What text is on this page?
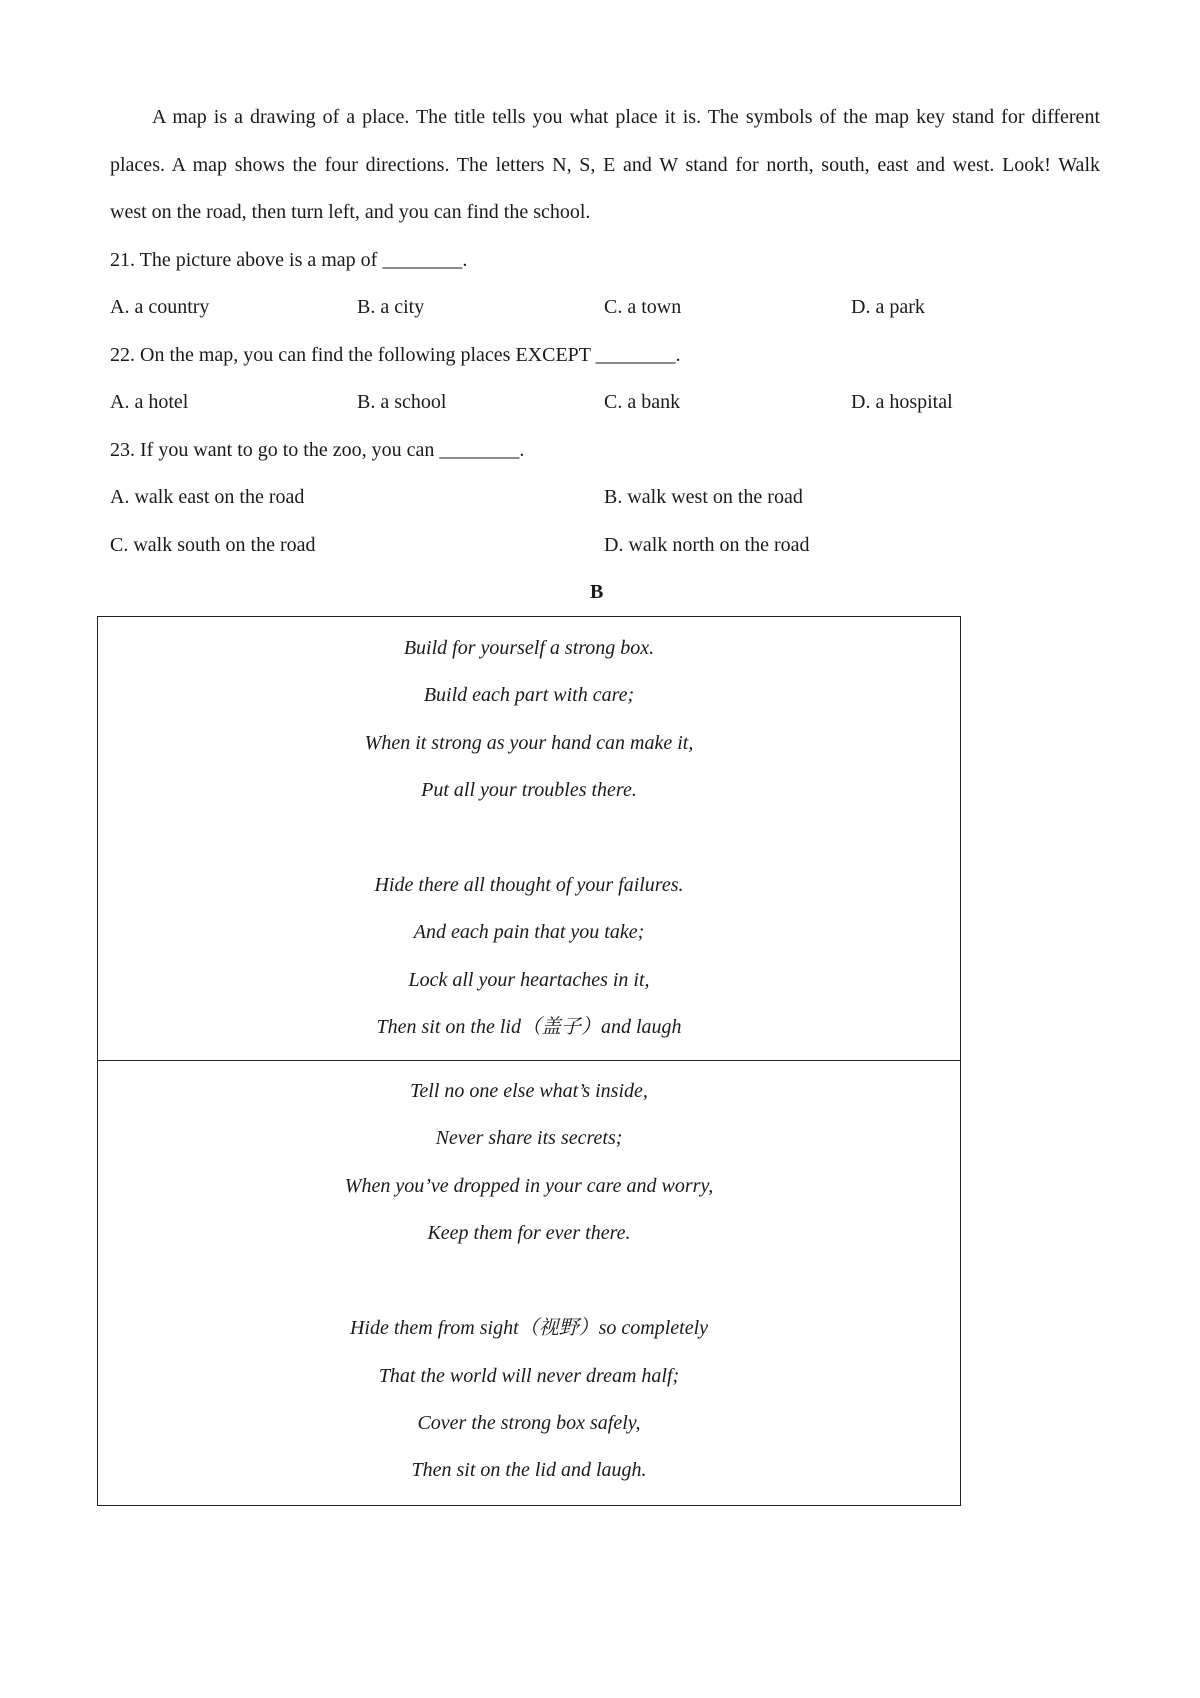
A map is a drawing of a place. The title tells you what place it is. The symbols of the map key stand for different
places. A map shows the four directions. The letters N, S, E and W stand for north, south, east and west. Look! Walk
west on the road, then turn left, and you can find the school.
21. The picture above is a map of ________.
A. a country	B. a city	C. a town	D. a park
22. On the map, you can find the following places EXCEPT ________.
A. a hotel	B. a school	C. a bank	D. a hospital
23. If you want to go to the zoo, you can ________.
A. walk east on the road	B. walk west on the road
C. walk south on the road	D. walk north on the road
B
Build for yourself a strong box.
Build each part with care;
When it strong as your hand can make it,
Put all your troubles there.
Hide there all thought of your failures.
And each pain that you take;
Lock all your heartaches in it,
Then sit on the lid（盖子）and laugh
Tell no one else what’s inside,
Never share its secrets;
When you’ve dropped in your care and worry,
Keep them for ever there.
Hide them from sight（视野）so completely
That the world will never dream half;
Cover the strong box safely,
Then sit on the lid and laugh.
